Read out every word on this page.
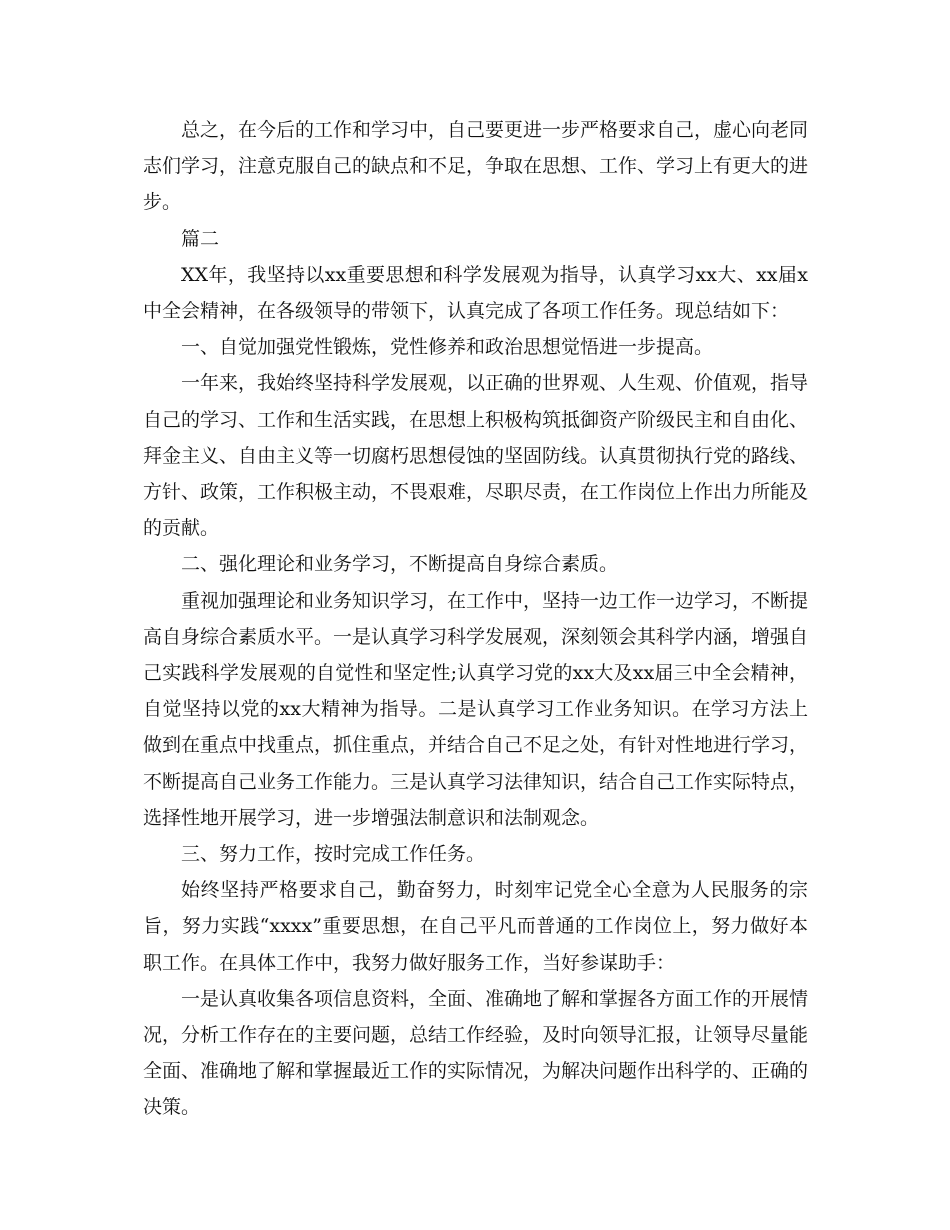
总之，在今后的工作和学习中，自己要更进一步严格要求自己，虚心向老同志们学习，注意克服自己的缺点和不足，争取在思想、工作、学习上有更大的进步。

篇二

XX年，我坚持以xx重要思想和科学发展观为指导，认真学习xx大、xx届x中全会精神，在各级领导的带领下，认真完成了各项工作任务。现总结如下：

一、自觉加强党性锻炼，党性修养和政治思想觉悟进一步提高。

一年来，我始终坚持科学发展观，以正确的世界观、人生观、价值观，指导自己的学习、工作和生活实践，在思想上积极构筑抵御资产阶级民主和自由化、拜金主义、自由主义等一切腐朽思想侵蚀的坚固防线。认真贯彻执行党的路线、方针、政策，工作积极主动，不畏艰难，尽职尽责，在工作岗位上作出力所能及的贡献。

二、强化理论和业务学习，不断提高自身综合素质。

重视加强理论和业务知识学习，在工作中，坚持一边工作一边学习，不断提高自身综合素质水平。一是认真学习科学发展观，深刻领会其科学内涵，增强自己实践科学发展观的自觉性和坚定性;认真学习党的xx大及xx届三中全会精神，自觉坚持以党的xx大精神为指导。二是认真学习工作业务知识。在学习方法上做到在重点中找重点，抓住重点，并结合自己不足之处，有针对性地进行学习，不断提高自己业务工作能力。三是认真学习法律知识，结合自己工作实际特点，选择性地开展学习，进一步增强法制意识和法制观念。

三、努力工作，按时完成工作任务。

始终坚持严格要求自己，勤奋努力，时刻牢记党全心全意为人民服务的宗旨，努力实践“xxxx”重要思想，在自己平凡而普通的工作岗位上，努力做好本职工作。在具体工作中，我努力做好服务工作，当好参谋助手：

一是认真收集各项信息资料，全面、准确地了解和掌握各方面工作的开展情况，分析工作存在的主要问题，总结工作经验，及时向领导汇报，让领导尽量能全面、准确地了解和掌握最近工作的实际情况，为解决问题作出科学的、正确的决策。
